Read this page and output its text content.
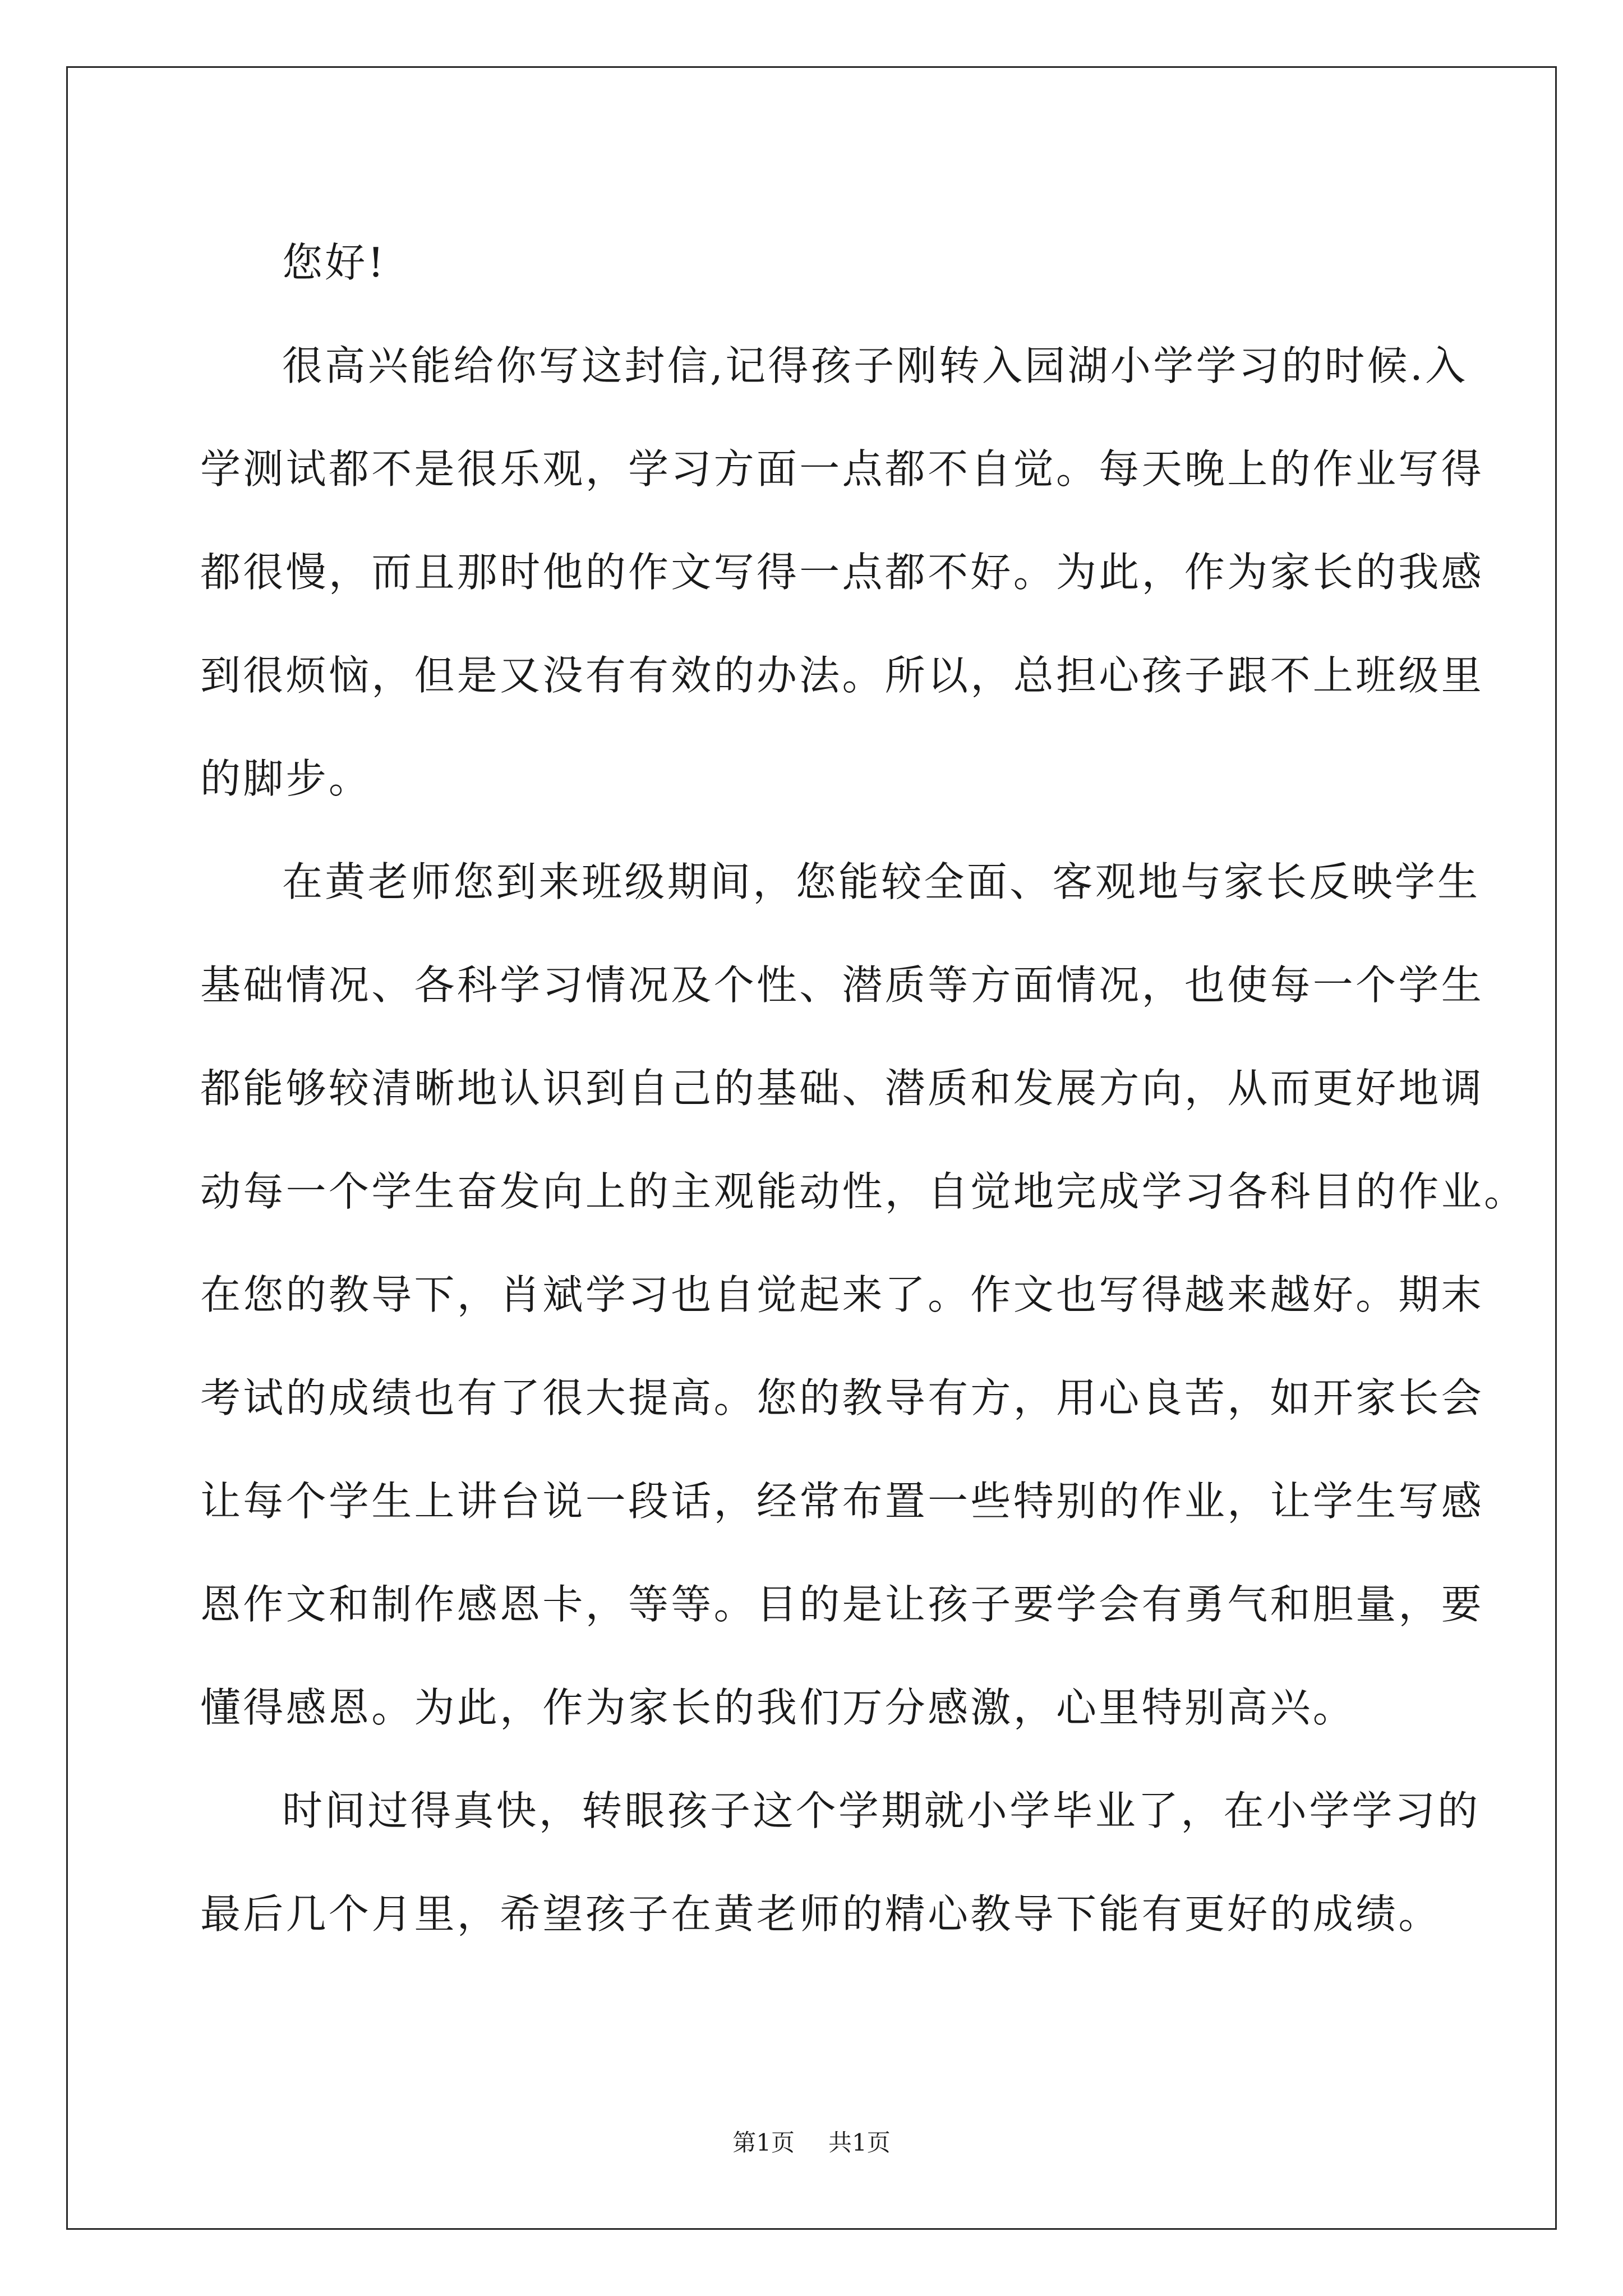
您好!
很高兴能给你写这封信,记得孩子刚转入园湖小学学习的时候.入
学测试都不是很乐观，学习方面一点都不自觉。每天晚上的作业写得
都很慢，而且那时他的作文写得一点都不好。为此，作为家长的我感
到很烦恼，但是又没有有效的办法。所以，总担心孩子跟不上班级里
的脚步。
在黄老师您到来班级期间，您能较全面、客观地与家长反映学生
基础情况、各科学习情况及个性、潜质等方面情况，也使每一个学生
都能够较清晰地认识到自己的基础、潜质和发展方向，从而更好地调
动每一个学生奋发向上的主观能动性，自觉地完成学习各科目的作业。
在您的教导下，肖斌学习也自觉起来了。作文也写得越来越好。期末
考试的成绩也有了很大提高。您的教导有方，用心良苦，如开家长会
让每个学生上讲台说一段话，经常布置一些特别的作业，让学生写感
恩作文和制作感恩卡，等等。目的是让孩子要学会有勇气和胆量，要
懂得感恩。为此，作为家长的我们万分感激，心里特别高兴。
时间过得真快，转眼孩子这个学期就小学毕业了，在小学学习的
最后几个月里，希望孩子在黄老师的精心教导下能有更好的成绩。
第1页 共1页
